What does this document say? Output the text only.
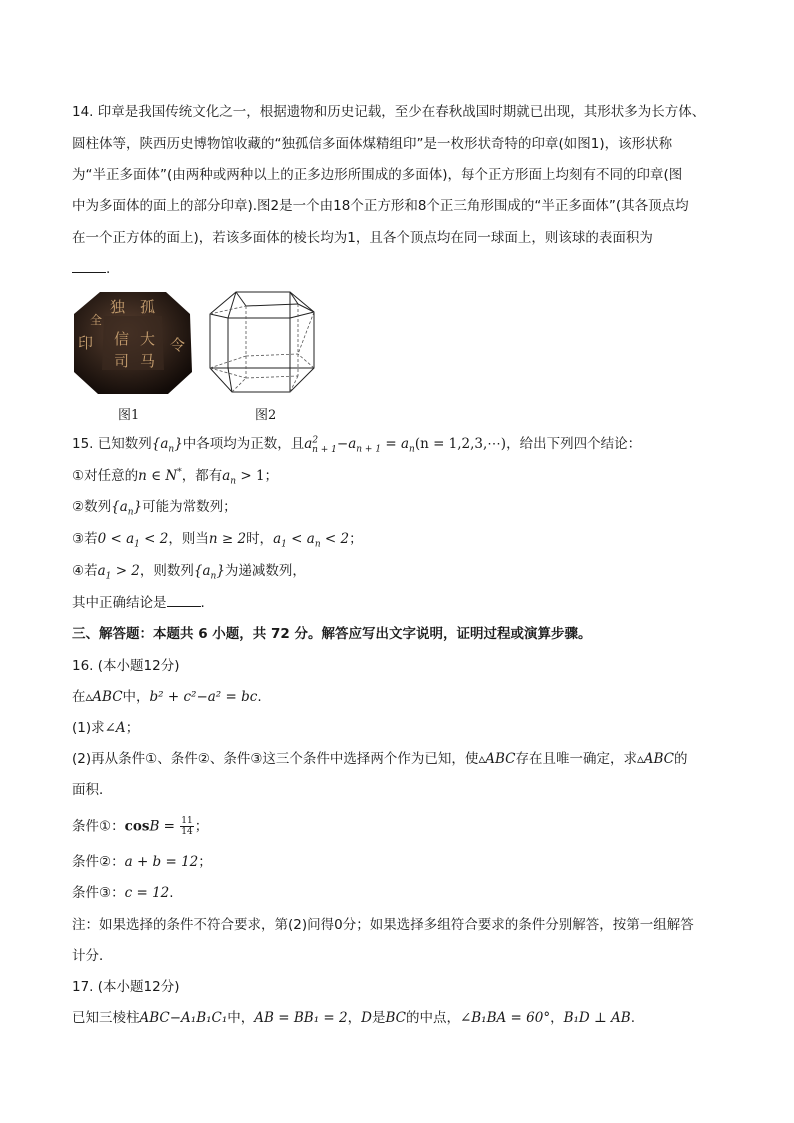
14. 印章是我国传统文化之一，根据遗物和历史记载，至少在春秋战国时期就已出现，其形状多为长方体、
圆柱体等，陕西历史博物馆收藏的“独孤信多面体煤精组印”是一枚形状奇特的印章(如图1)，该形状称
为“半正多面体”(由两种或两种以上的正多边形所围成的多面体)，每个正方形面上均刻有不同的印章(图
中为多面体的面上的部分印章).图2是一个由18个正方形和8个正三角形围成的“半正多面体”(其各顶点均
在一个正方体的面上)，若该多面体的棱长均为1，且各个顶点均在同一球面上，则该球的表面积为
.
独 孤
信 大
司 马
印	令
全
图1	图2
15. 已知数列$\{a_n\}$中各项均为正数，且$a^2_{n + 1}-a_{n + 1} = a_n(n$ = 1,2,3,⋯)，给出下列四个结论：
①对任意的n ∈ N*，都有$a_n > 1$；
②数列$\{a_n\}$可能为常数列；
③若$0 < a_1 < 2$，则当n ≥ 2时，$a_1 < a_n < 2$；
④若$a_1 > 2$，则数列$\{a_n\}$为递减数列，
其中正确结论是	.
三、解答题：本题共 6 小题，共 72 分。解答应写出文字说明，证明过程或演算步骤。
16. (本小题12分)
在▵ABC中，b² + c²−a² = bc.
(1)求∠A；
(2)再从条件①、条件②、条件③这三个条件中选择两个作为已知，使▵ABC存在且唯一确定，求▵ABC的
面积．
条件①：$\cos B = \frac{11}{14}$ ；
条件②：a + b = 12；
条件③：c = 12.
注：如果选择的条件不符合要求，第(2)问得0分；如果选择多组符合要求的条件分别解答，按第一组解答
计分．
17. (本小题12分)
已知三棱柱ABC−A₁B₁C₁中，AB = BB₁ = 2，D是BC的中点，∠B₁BA = 60°，B₁D ⊥ AB.
